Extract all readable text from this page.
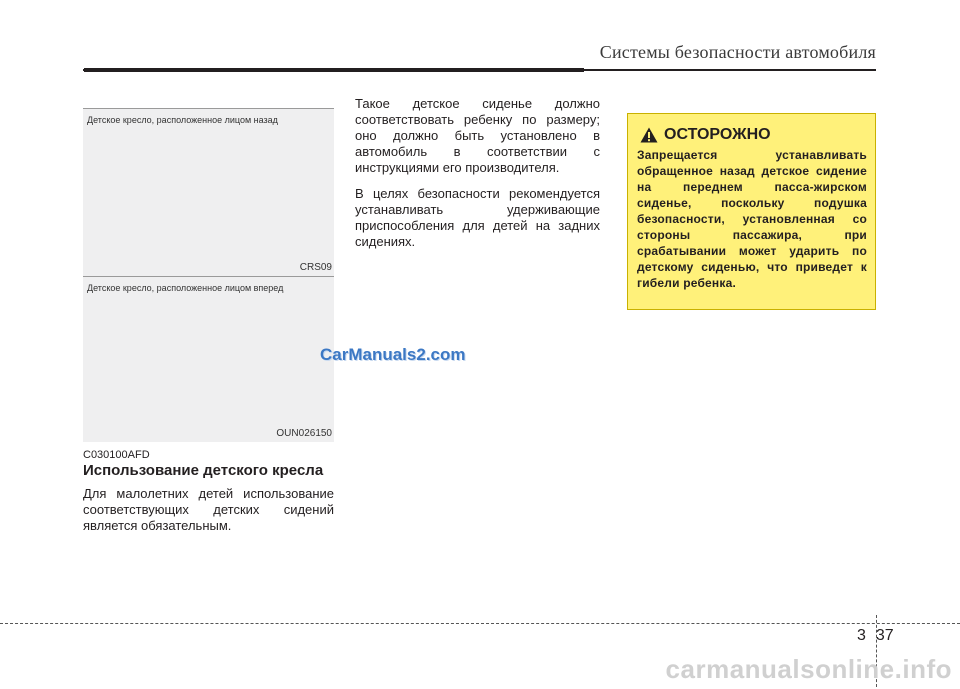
Системы безопасности автомобиля
Детское кресло, расположенное лицом назад
CRS09
Детское кресло, расположенное лицом вперед
OUN026150
CarManuals2.com
C030100AFD
Использование детского кресла
Для малолетних детей использование соответствующих детских сидений является обязательным.
Такое детское сиденье должно соответствовать ребенку по размеру; оно должно быть установлено в автомобиль в соответствии с инструкциями его производителя.
В целях безопасности рекомендуется устанавливать удерживающие приспособления для детей на задних сидениях.
ОСТОРОЖНО
Запрещается устанавливать обращенное назад детское сидение на переднем пасса-жирском сиденье, поскольку подушка безопасности, установленная со стороны пассажира, при срабатывании может ударить по детскому сиденью, что приведет к гибели ребенка.
3 37
carmanualsonline.info
